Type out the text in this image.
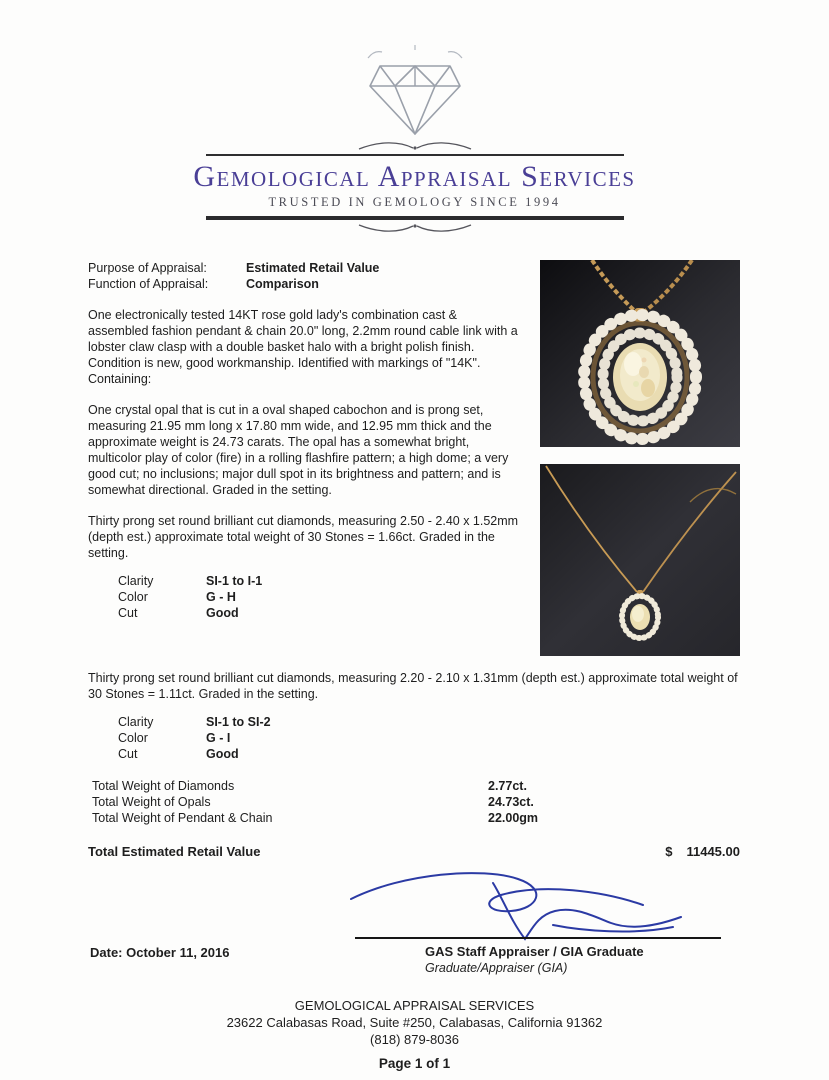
Gemological Appraisal Services
TRUSTED IN GEMOLOGY SINCE 1994
Purpose of Appraisal:	Estimated Retail Value
Function of Appraisal:	Comparison

One electronically tested 14KT rose gold lady's combination cast & assembled fashion pendant & chain 20.0" long, 2.2mm round cable link with a lobster claw clasp with a double basket halo with a bright polish finish. Condition is new, good workmanship. Identified with markings of "14K". Containing:

One crystal opal that is cut in a oval shaped cabochon and is prong set, measuring 21.95 mm long x 17.80 mm wide, and 12.95 mm thick and the approximate weight is 24.73 carats. The opal has a somewhat bright, multicolor play of color (fire) in a rolling flashfire pattern; a high dome; a very good cut; no inclusions; major dull spot in its brightness and pattern; and is somewhat directional. Graded in the setting.

Thirty prong set round brilliant cut diamonds, measuring 2.50 - 2.40 x 1.52mm (depth est.) approximate total weight of 30 Stones = 1.66ct. Graded in the setting.

Clarity	SI-1 to I-1
Color	G - H
Cut	Good

Thirty prong set round brilliant cut diamonds, measuring 2.20 - 2.10 x 1.31mm (depth est.) approximate total weight of 30 Stones = 1.11ct. Graded in the setting.

Clarity	SI-1 to SI-2
Color	G - I
Cut	Good
Total Weight of Diamonds	2.77ct.
Total Weight of Opals	24.73ct.
Total Weight of Pendant & Chain	22.00gm
Total Estimated Retail Value	$ 11445.00
GAS Staff Appraiser / GIA Graduate
Graduate/Appraiser (GIA)
Date: October 11, 2016
GEMOLOGICAL APPRAISAL SERVICES
23622 Calabasas Road, Suite #250, Calabasas, California 91362
(818) 879-8036
Page 1 of 1
